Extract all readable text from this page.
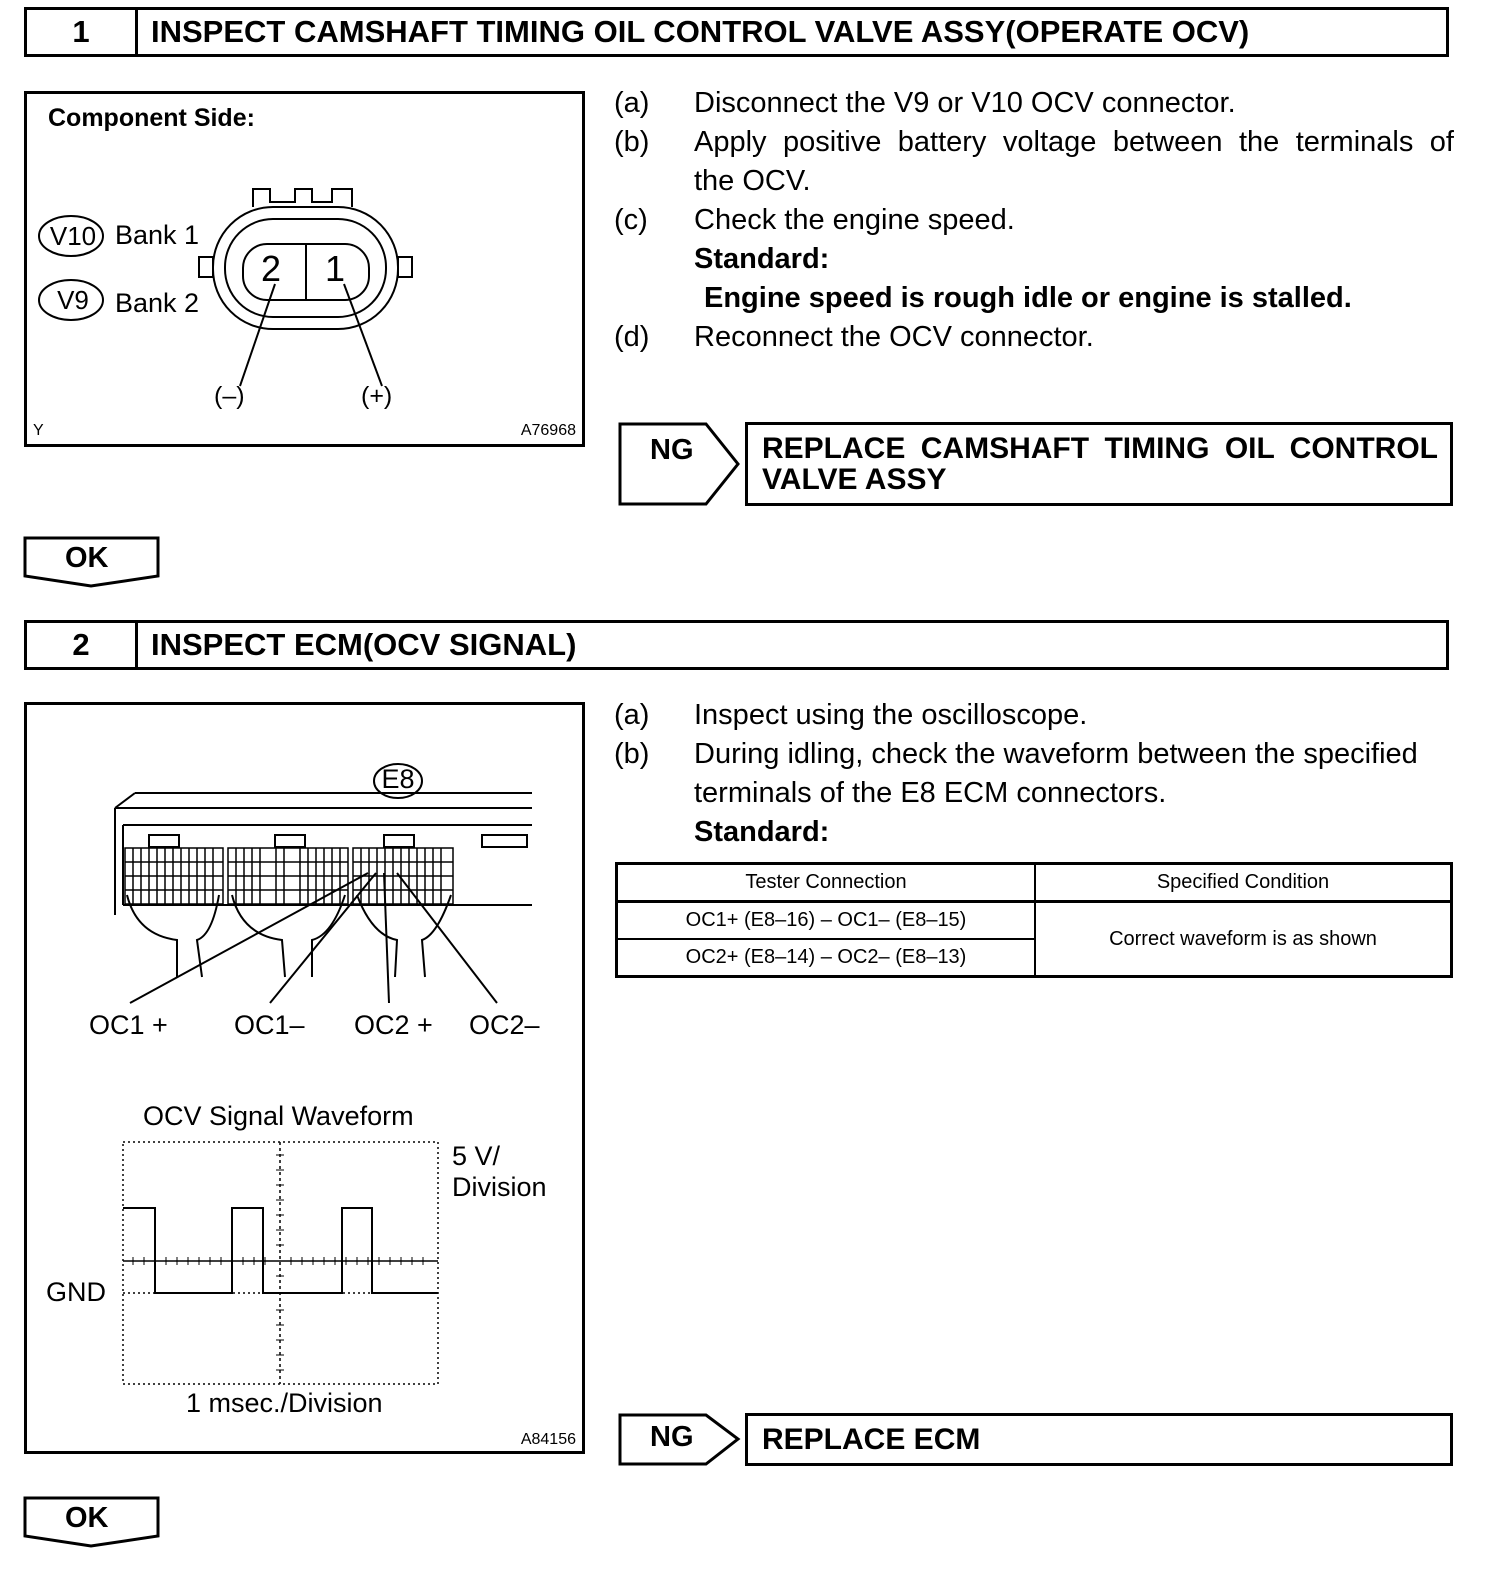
1	INSPECT CAMSHAFT TIMING OIL CONTROL VALVE ASSY(OPERATE OCV)
Component Side:
V10 Bank 1
V9 Bank 2
2 1
(–)	(+)
Y	A76968
(a) Disconnect the V9 or V10 OCV connector.
(b) Apply positive battery voltage between the terminals of
the OCV.
(c) Check the engine speed.
Standard:
Engine speed is rough idle or engine is stalled.
(d) Reconnect the OCV connector.
NG REPLACE CAMSHAFT TIMING OIL CONTROL
VALVE ASSY
OK
2	INSPECT ECM(OCV SIGNAL)
E8
OC1 + OC1– OC2 + OC2–
OCV Signal Waveform
5 V/
Division
GND
1 msec./Division
A84156
(a) Inspect using the oscilloscope.
(b) During idling, check the waveform between the specified
terminals of the E8 ECM connectors.
Standard:
Tester Connection	Specified Condition
OC1+ (E8–16) – OC1– (E8–15)	Correct waveform is as shown
OC2+ (E8–14) – OC2– (E8–13)	
NG REPLACE ECM
OK
